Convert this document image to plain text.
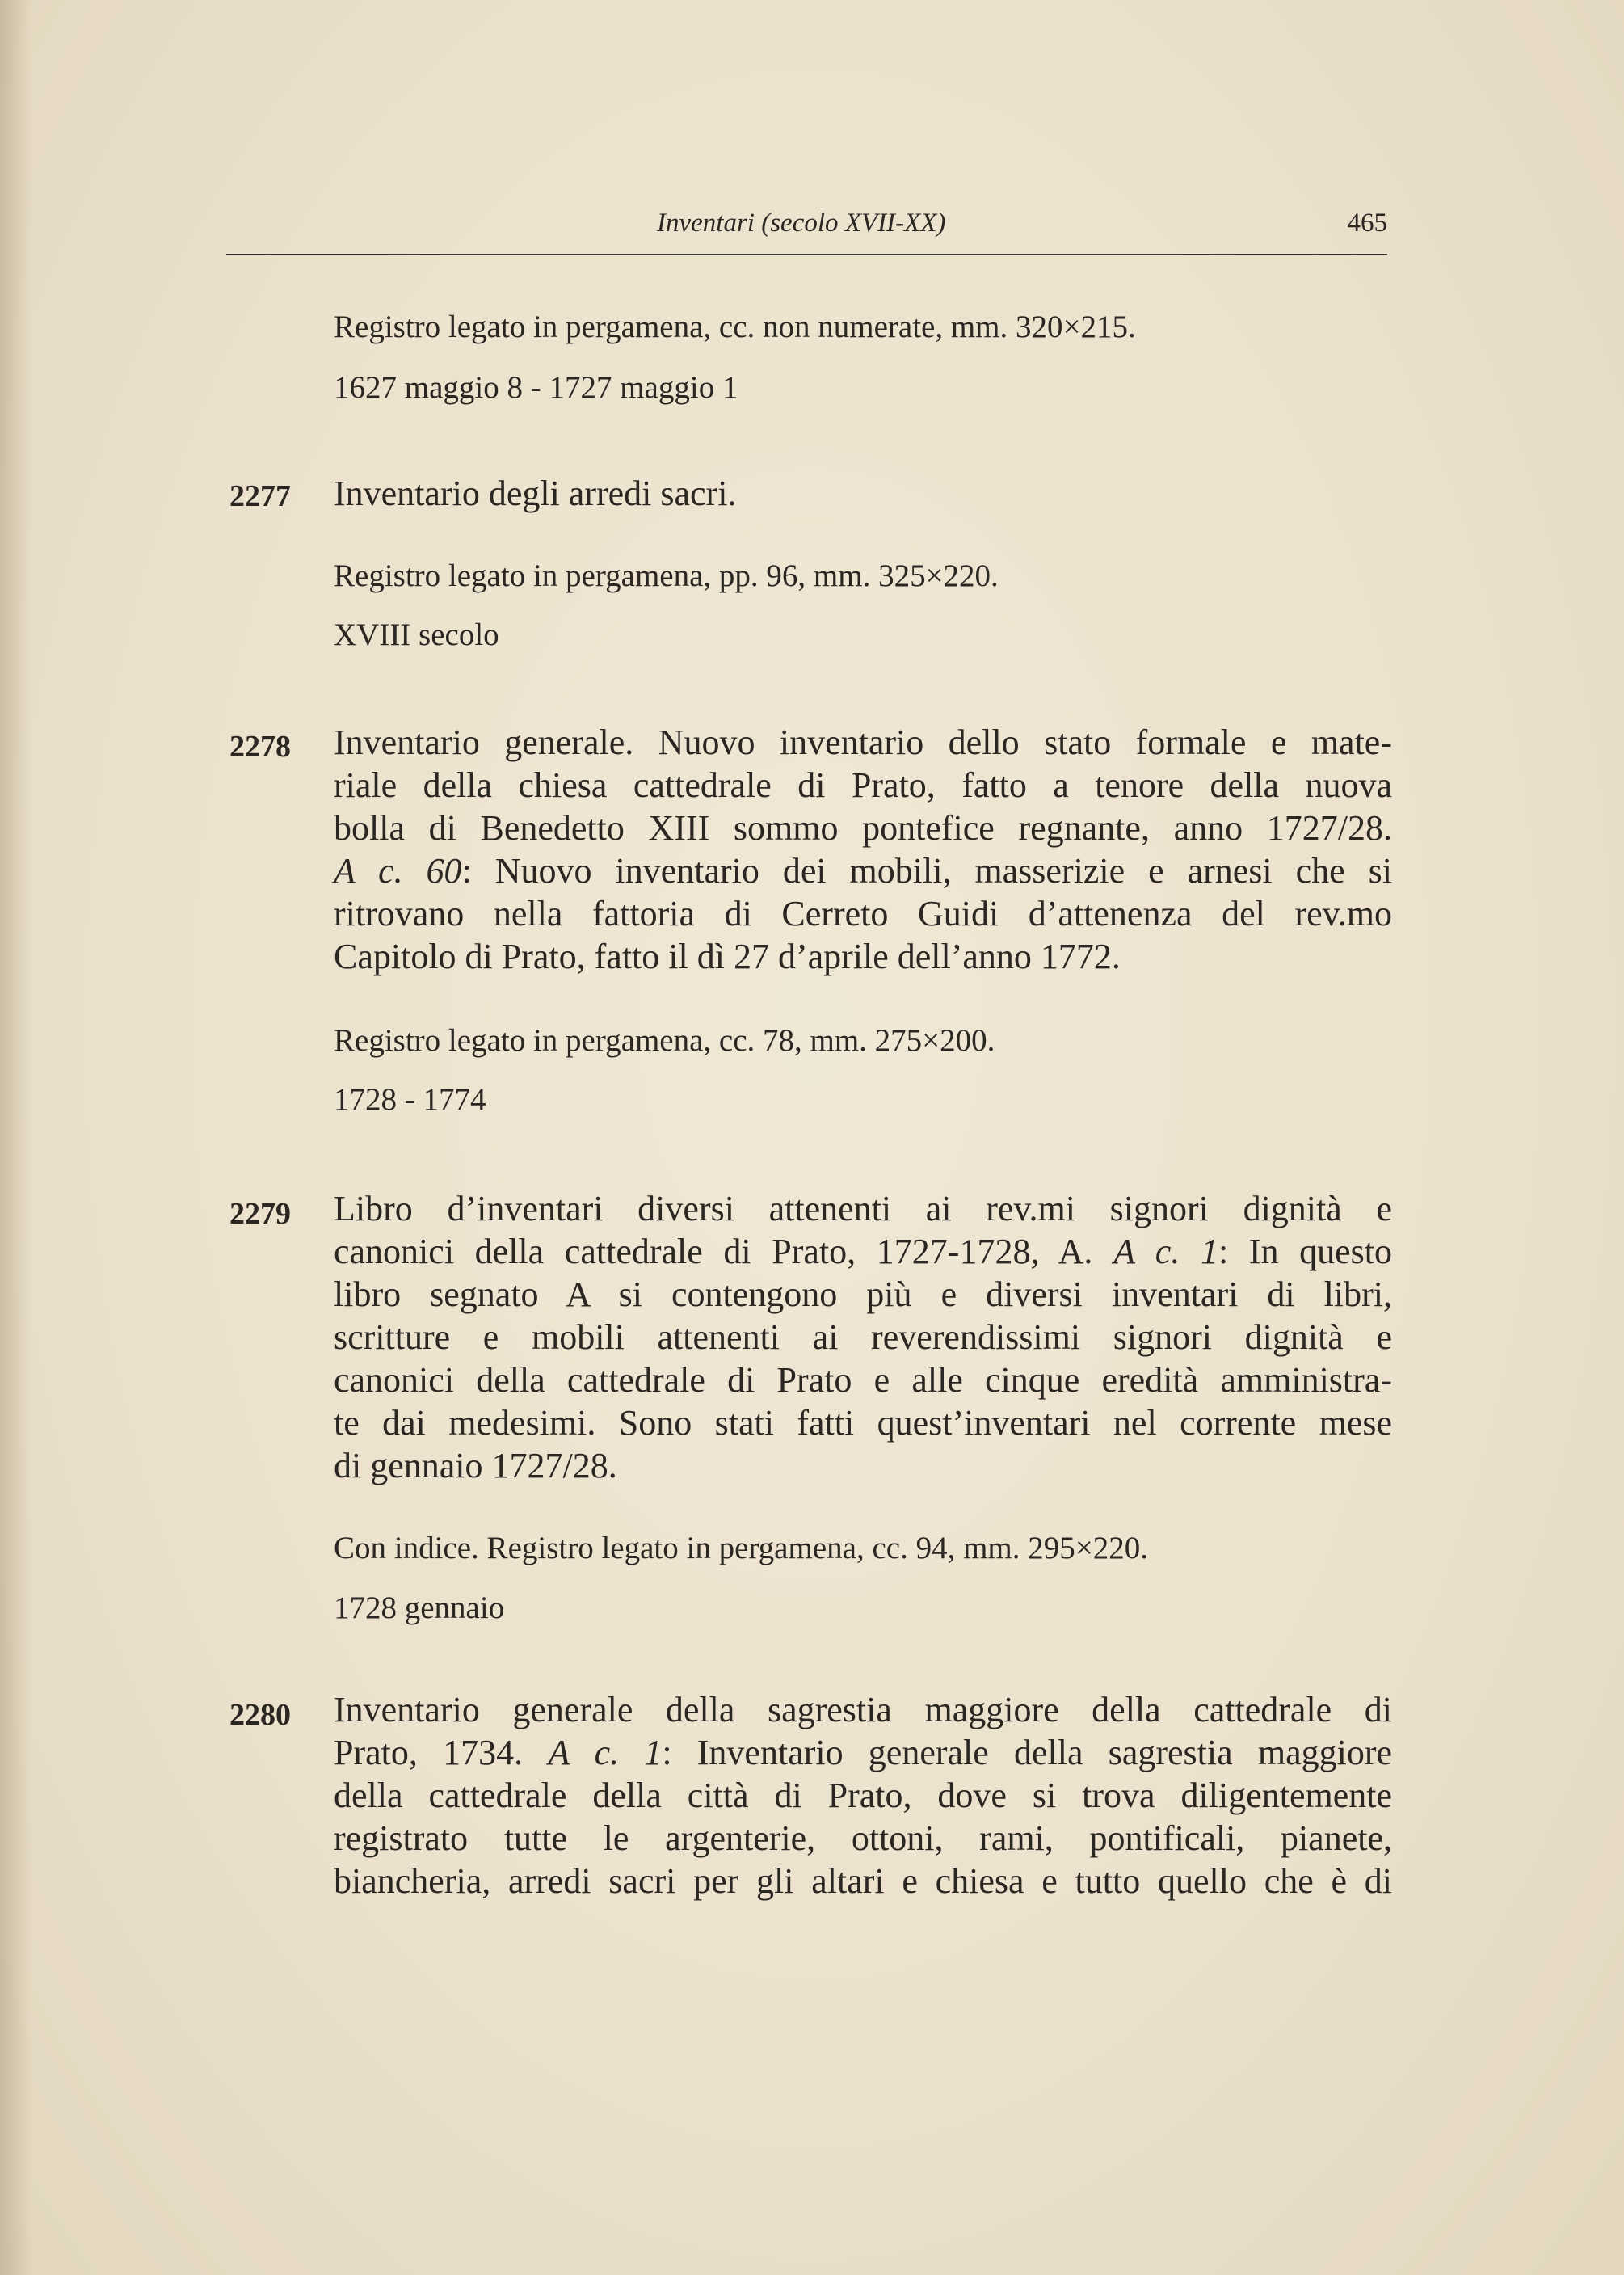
Inventari (secolo XVII-XX)	465
Registro legato in pergamena, cc. non numerate, mm. 320×215.
1627 maggio 8 - 1727 maggio 1
2277 Inventario degli arredi sacri.
Registro legato in pergamena, pp. 96, mm. 325×220.
XVIII secolo
2278 Inventario generale. Nuovo inventario dello stato formale e mate-
riale della chiesa cattedrale di Prato, fatto a tenore della nuova
bolla di Benedetto XIII sommo pontefice regnante, anno 1727/28.
A c. 60: Nuovo inventario dei mobili, masserizie e arnesi che si
ritrovano nella fattoria di Cerreto Guidi d’attenenza del rev.mo
Capitolo di Prato, fatto il dì 27 d’aprile dell’anno 1772.
Registro legato in pergamena, cc. 78, mm. 275×200.
1728 - 1774
2279 Libro d’inventari diversi attenenti ai rev.mi signori dignità e
canonici della cattedrale di Prato, 1727-1728, A. A c. 1: In questo
libro segnato A si contengono più e diversi inventari di libri,
scritture e mobili attenenti ai reverendissimi signori dignità e
canonici della cattedrale di Prato e alle cinque eredità amministra-
te dai medesimi. Sono stati fatti quest’inventari nel corrente mese
di gennaio 1727/28.
Con indice. Registro legato in pergamena, cc. 94, mm. 295×220.
1728 gennaio
2280 Inventario generale della sagrestia maggiore della cattedrale di
Prato, 1734. A c. 1: Inventario generale della sagrestia maggiore
della cattedrale della città di Prato, dove si trova diligentemente
registrato tutte le argenterie, ottoni, rami, pontificali, pianete,
biancheria, arredi sacri per gli altari e chiesa e tutto quello che è di
